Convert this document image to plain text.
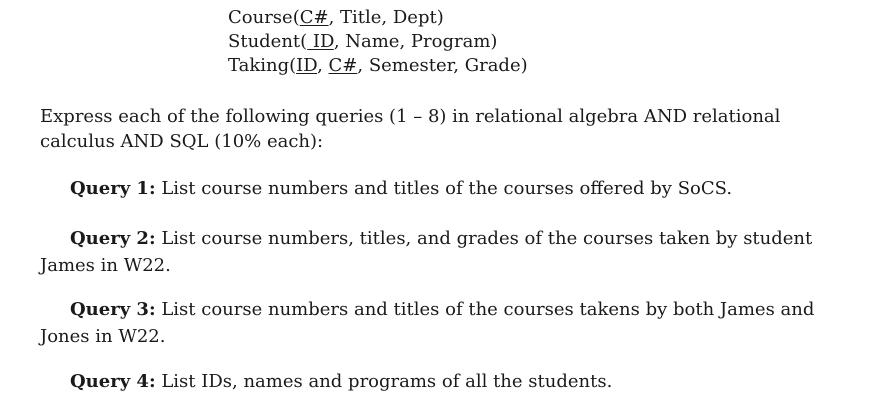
Course(C#, Title, Dept)
Student( ID, Name, Program)
Taking(ID, C#, Semester, Grade)
Express each of the following queries (1 – 8) in relational algebra AND relational calculus AND SQL (10% each):
Query 1: List course numbers and titles of the courses offered by SoCS.
Query 2: List course numbers, titles, and grades of the courses taken by student James in W22.
Query 3: List course numbers and titles of the courses takens by both James and Jones in W22.
Query 4: List IDs, names and programs of all the students.
